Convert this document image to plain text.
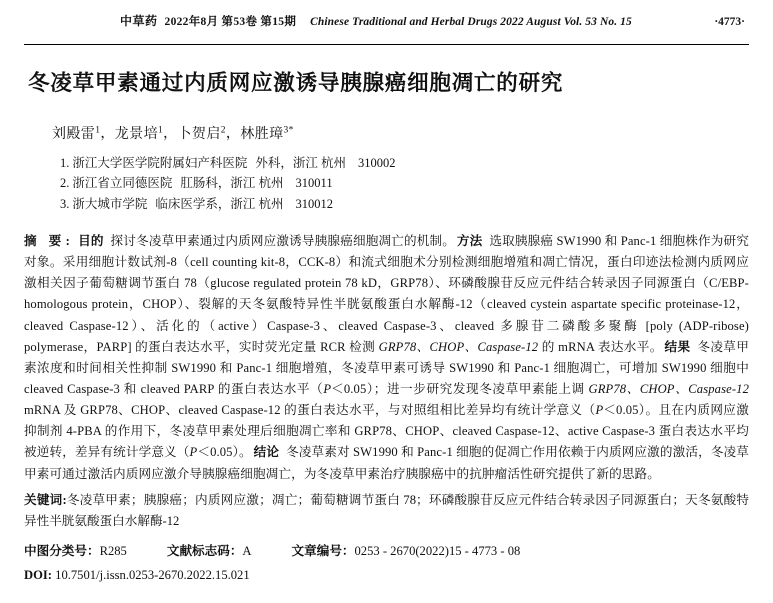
中草药 2022年8月 第53卷 第15期 Chinese Traditional and Herbal Drugs 2022 August Vol. 53 No. 15	·4773·
冬凌草甲素通过内质网应激诱导胰腺癌细胞凋亡的研究
刘殿雷$^1$，龙景培$^1$，卜贺启$^2$，林胜璋$^{3*}$
1. 浙江大学医学院附属妇产科医院 外科，浙江 杭州 310002
2. 浙江省立同德医院 肛肠科，浙江 杭州 310011
3. 浙大城市学院 临床医学系，浙江 杭州 310012
摘 要: 目的 探讨冬凌草甲素通过内质网应激诱导胰腺癌细胞凋亡的机制。 方法 选取胰腺癌 SW1990 和 Panc-1 细胞株作为研究对象。采用细胞计数试剂-8（cell counting kit-8，CCK-8）和流式细胞术分别检测细胞增殖和凋亡情况，蛋白印迹法检测内质网应激相关因子葡萄糖调节蛋白 78（glucose regulated protein 78 kD，GRP78）、环磷酸腺苷反应元件结合转录因子同源蛋白（C/EBP-homologous protein，CHOP）、裂解的天冬氨酸特异性半胱氨酸蛋白水解酶-12（cleaved cystein aspartate specific proteinase-12，cleaved Caspase-12）、活化的（active）Caspase-3、cleaved Caspase-3、cleaved 多腺苷二磷酸多聚酶 [poly (ADP-ribose) polymerase，PARP] 的蛋白表达水平，实时荧光定量 RCR 检测 GRP78、CHOP、Caspase-12 的 mRNA 表达水平。 结果 冬凌草甲素浓度和时间相关性抑制 SW1990 和 Panc-1 细胞增殖，冬凌草甲素可诱导 SW1990 和 Panc-1 细胞凋亡，可增加 SW1990 细胞中 cleaved Caspase-3 和 cleaved PARP 的蛋白表达水平（P＜0.05）；进一步研究发现冬凌草甲素能上调 GRP78、CHOP、Caspase-12 mRNA 及 GRP78、CHOP、cleaved Caspase-12 的蛋白表达水平，与对照组相比差异均有统计学意义（P＜0.05）。且在内质网应激抑制剂 4-PBA 的作用下，冬凌草甲素处理后细胞凋亡率和 GRP78、CHOP、cleaved Caspase-12、active Caspase-3 蛋白表达水平均被逆转，差异有统计学意义（P＜0.05）。 结论 冬凌草素对 SW1990 和 Panc-1 细胞的促凋亡作用依赖于内质网应激的激活，冬凌草甲素可通过激活内质网应激介导胰腺癌细胞凋亡，为冬凌草甲素治疗胰腺癌中的抗肿瘤活性研究提供了新的思路。
关键词:冬凌草甲素；胰腺癌；内质网应激；凋亡；葡萄糖调节蛋白 78；环磷酸腺苷反应元件结合转录因子同源蛋白；天冬氨酸特异性半胱氨酸蛋白水解酶-12
中图分类号：R285	文献标志码：A	文章编号：0253 - 2670(2022)15 - 4773 - 08
DOI: 10.7501/j.issn.0253-2670.2022.15.021
